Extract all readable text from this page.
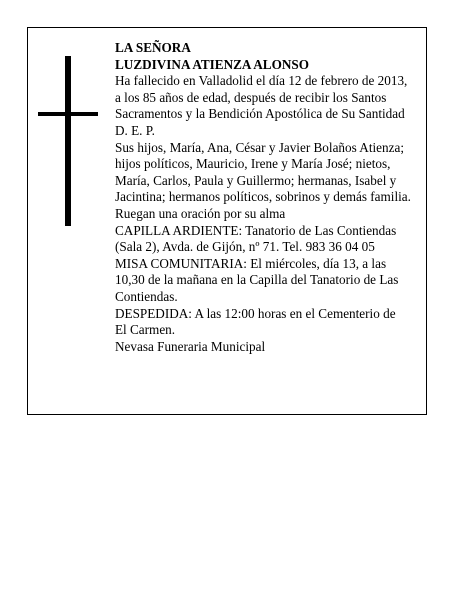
LA SEÑORA
LUZDIVINA ATIENZA ALONSO
Ha fallecido en Valladolid el día 12 de febrero de 2013,
a los 85 años de edad, después de recibir los Santos
Sacramentos y la Bendición Apostólica de Su Santidad
D. E. P.
Sus hijos, María, Ana, César y Javier Bolaños Atienza;
hijos políticos, Mauricio, Irene y María José; nietos,
María, Carlos, Paula y Guillermo; hermanas, Isabel y
Jacintina; hermanos políticos, sobrinos y demás familia.
Ruegan una oración por su alma
CAPILLA ARDIENTE: Tanatorio de Las Contiendas
(Sala 2), Avda. de Gijón, nº 71. Tel. 983 36 04 05
MISA COMUNITARIA: El miércoles, día 13, a las
10,30 de la mañana en la Capilla del Tanatorio de Las
Contiendas.
DESPEDIDA: A las 12:00 horas en el Cementerio de
El Carmen.
Nevasa Funeraria Municipal
